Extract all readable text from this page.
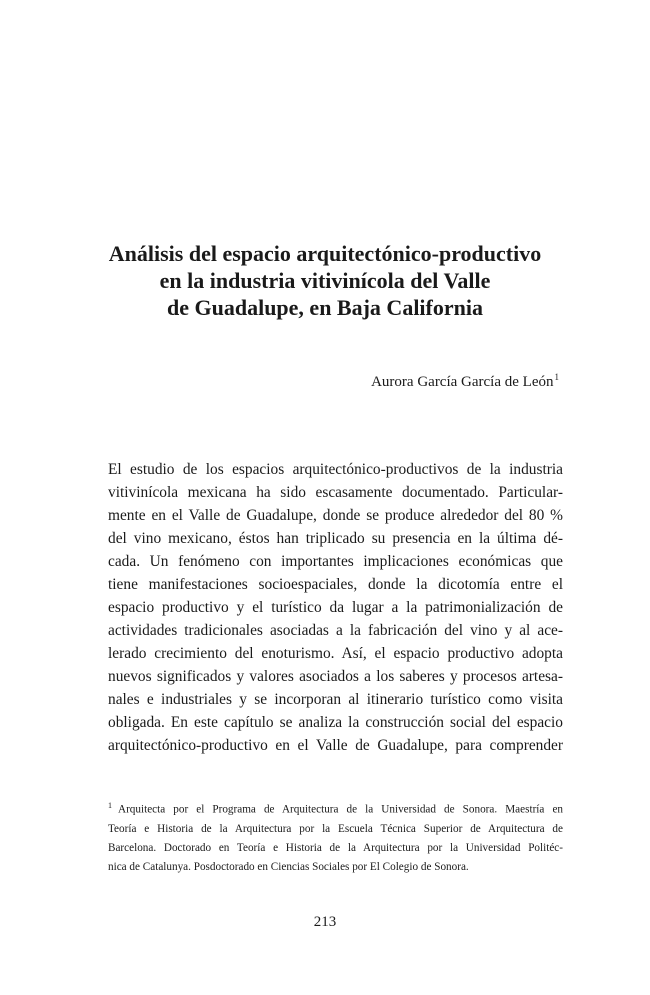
Análisis del espacio arquitectónico-productivo
en la industria vitivinícola del Valle
de Guadalupe, en Baja California

Aurora García García de León$^1$

El estudio de los espacios arquitectónico-productivos de la industria
vitivinícola mexicana ha sido escasamente documentado. Particular-
mente en el Valle de Guadalupe, donde se produce alrededor del 80 %
del vino mexicano, éstos han triplicado su presencia en la última dé-
cada. Un fenómeno con importantes implicaciones económicas que
tiene manifestaciones socioespaciales, donde la dicotomía entre el
espacio productivo y el turístico da lugar a la patrimonialización de
actividades tradicionales asociadas a la fabricación del vino y al ace-
lerado crecimiento del enoturismo. Así, el espacio productivo adopta
nuevos significados y valores asociados a los saberes y procesos artesa-
nales e industriales y se incorporan al itinerario turístico como visita
obligada. En este capítulo se analiza la construcción social del espacio
arquitectónico-productivo en el Valle de Guadalupe, para comprender

$^1$ Arquitecta por el Programa de Arquitectura de la Universidad de Sonora. Maestría en
Teoría e Historia de la Arquitectura por la Escuela Técnica Superior de Arquitectura de
Barcelona. Doctorado en Teoría e Historia de la Arquitectura por la Universidad Politéc-
nica de Catalunya. Posdoctorado en Ciencias Sociales por El Colegio de Sonora.

213
